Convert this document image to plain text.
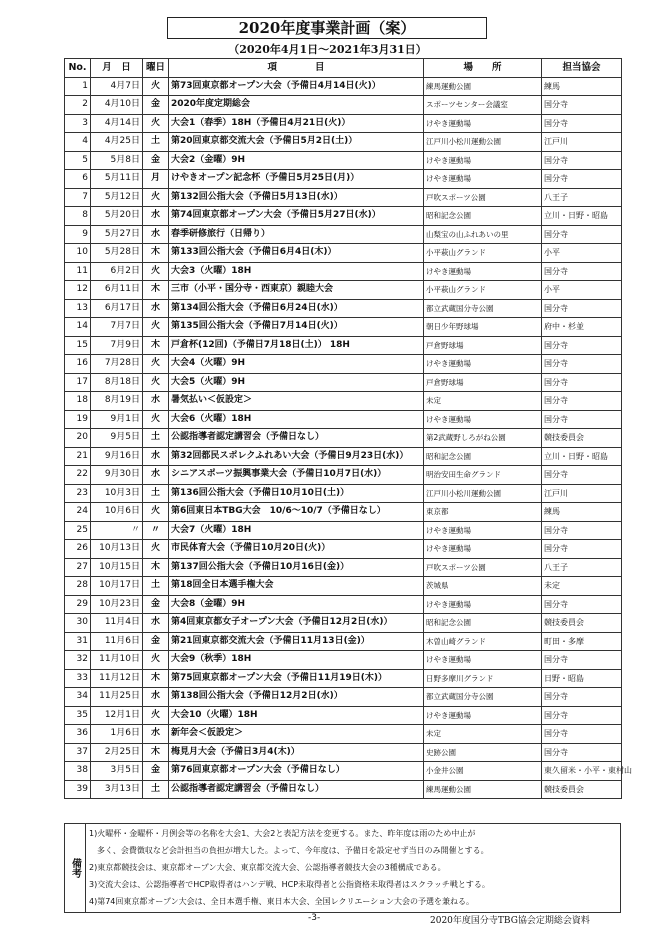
2020年度事業計画（案）
（2020年4月1日～2021年3月31日）
No.	月　日	曜日	項　　　　目	場　　所	担当協会
1	4月7日	火	第73回東京都オープン大会（予備日4月14日(火)）	練馬運動公園	練馬
2	4月10日	金	2020年度定期総会	スポーツセンター会議室	国分寺
3	4月14日	火	大会1（春季）18H（予備日4月21日(火)）	けやき運動場	国分寺
4	4月25日	土	第20回東京都交流大会（予備日5月2日(土)）	江戸川小松川運動公園	江戸川
5	5月8日	金	大会2（金曜）9H	けやき運動場	国分寺
6	5月11日	月	けやきオープン記念杯（予備日5月25日(月)）	けやき運動場	国分寺
7	5月12日	火	第132回公指大会（予備日5月13日(水)）	戸吹スポーツ公園	八王子
8	5月20日	水	第74回東京都オープン大会（予備日5月27日(水)）	昭和記念公園	立川・日野・昭島
9	5月27日	水	春季研修旅行（日帰り）	山梨宝の山ふれあいの里	国分寺
10	5月28日	木	第133回公指大会（予備日6月4日(木)）	小平萩山グランド	小平
11	6月2日	火	大会3（火曜）18H	けやき運動場	国分寺
12	6月11日	木	三市（小平・国分寺・西東京）親睦大会	小平萩山グランド	小平
13	6月17日	水	第134回公指大会（予備日6月24日(水)）	都立武蔵国分寺公園	国分寺
14	7月7日	火	第135回公指大会（予備日7月14日(火)）	朝日少年野球場	府中・杉並
15	7月9日	木	戸倉杯(12回)（予備日7月18日(土)） 18H	戸倉野球場	国分寺
16	7月28日	火	大会4（火曜）9H	けやき運動場	国分寺
17	8月18日	火	大会5（火曜）9H	戸倉野球場	国分寺
18	8月19日	水	暑気払い＜仮設定＞	未定	国分寺
19	9月1日	火	大会6（火曜）18H	けやき運動場	国分寺
20	9月5日	土	公認指導者認定講習会（予備日なし）	第2武蔵野しろがね公園	競技委員会
21	9月16日	水	第32回都民スポレクふれあい大会（予備日9月23日(水)）	昭和記念公園	立川・日野・昭島
22	9月30日	水	シニアスポーツ振興事業大会（予備日10月7日(水)）	明治安田生命グランド	国分寺
23	10月3日	土	第136回公指大会（予備日10月10日(土)）	江戸川小松川運動公園	江戸川
24	10月6日	火	第6回東日本TBG大会　10/6～10/7（予備日なし）	東京都	練馬
25	〃	〃	大会7（火曜）18H	けやき運動場	国分寺
26	10月13日	火	市民体育大会（予備日10月20日(火)）	けやき運動場	国分寺
27	10月15日	木	第137回公指大会（予備日10月16日(金)）	戸吹スポーツ公園	八王子
28	10月17日	土	第18回全日本選手権大会	茨城県	未定
29	10月23日	金	大会8（金曜）9H	けやき運動場	国分寺
30	11月4日	水	第4回東京都女子オープン大会（予備日12月2日(水)）	昭和記念公園	競技委員会
31	11月6日	金	第21回東京都交流大会（予備日11月13日(金)）	木曽山崎グランド	町田・多摩
32	11月10日	火	大会9（秋季）18H	けやき運動場	国分寺
33	11月12日	木	第75回東京都オープン大会（予備日11月19日(木)）	日野多摩川グランド	日野・昭島
34	11月25日	水	第138回公指大会（予備日12月2日(水)）	都立武蔵国分寺公園	国分寺
35	12月1日	火	大会10（火曜）18H	けやき運動場	国分寺
36	1月6日	水	新年会＜仮設定＞	未定	国分寺
37	2月25日	木	梅見月大会（予備日3月4(木)）	史跡公園	国分寺
38	3月5日	金	第76回東京都オープン大会（予備日なし）	小金井公園	東久留米・小平・東村山
39	3月13日	土	公認指導者認定講習会（予備日なし）	練馬運動公園	競技委員会
備考
1)火曜杯・金曜杯・月例会等の名称を大会1、大会2と表記方法を変更する。また、昨年度は雨のため中止が
　多く、会費徴収など会計担当の負担が増大した。よって、今年度は、予備日を設定せず当日のみ開催とする。
2)東京都競技会は、東京都オープン大会、東京都交流大会、公認指導者競技大会の3種構成である。
3)交流大会は、公認指導者でHCP取得者はハンデ戦、HCP未取得者と公指資格未取得者はスクラッチ戦とする。
4)第74回東京都オープン大会は、全日本選手権、東日本大会、全国レクリエーション大会の予選を兼ねる。
-3-	2020年度国分寺TBG協会定期総会資料
